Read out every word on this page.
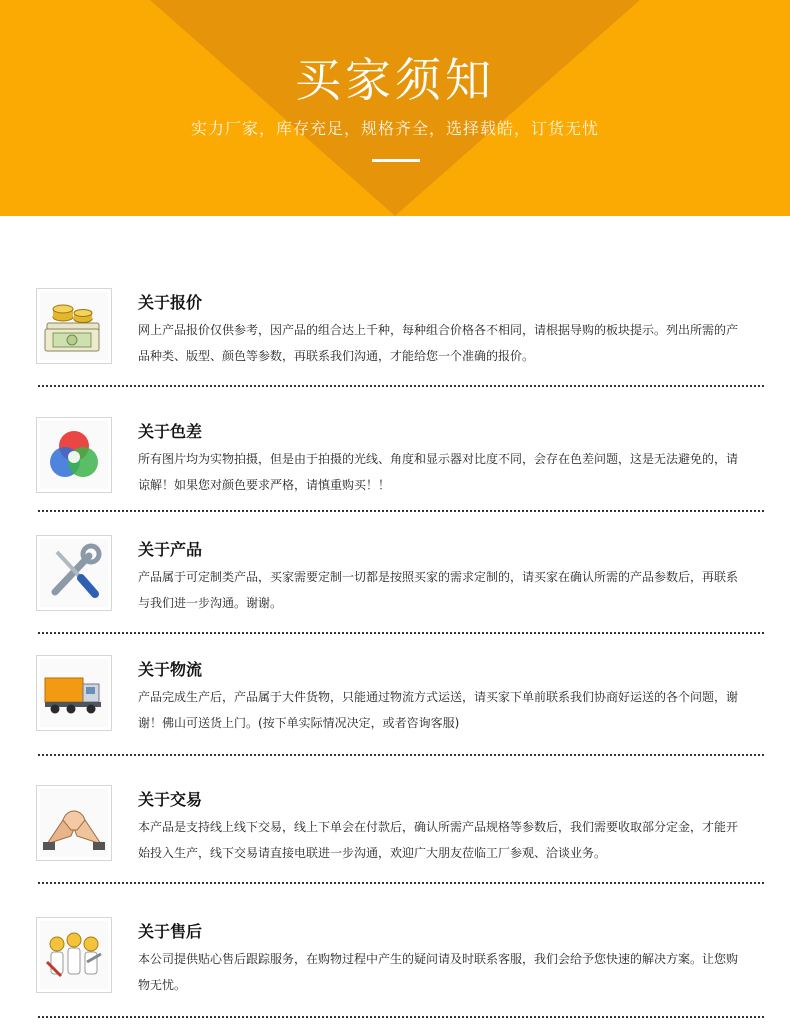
买家须知
实力厂家，库存充足，规格齐全，选择载皓，订货无忧
关于报价
网上产品报价仅供参考，因产品的组合达上千种，每种组合价格各不相同，请根据导购的板块提示。列出所需的产品种类、版型、颜色等参数，再联系我们沟通，才能给您一个准确的报价。
关于色差
所有图片均为实物拍摄，但是由于拍摄的光线、角度和显示器对比度不同，会存在色差问题，这是无法避免的，请谅解！如果您对颜色要求严格，请慎重购买！！
关于产品
产品属于可定制类产品，买家需要定制一切都是按照买家的需求定制的，请买家在确认所需的产品参数后，再联系与我们进一步沟通。谢谢。
关于物流
产品完成生产后，产品属于大件货物，只能通过物流方式运送，请买家下单前联系我们协商好运送的各个问题，谢谢！佛山可送货上门。(按下单实际情况决定，或者咨询客服)
关于交易
本产品是支持线上线下交易，线上下单会在付款后，确认所需产品规格等参数后，我们需要收取部分定金，才能开始投入生产，线下交易请直接电联进一步沟通，欢迎广大朋友莅临工厂参观、洽谈业务。
关于售后
本公司提供贴心售后跟踪服务，在购物过程中产生的疑问请及时联系客服，我们会给予您快速的解决方案。让您购物无忧。
